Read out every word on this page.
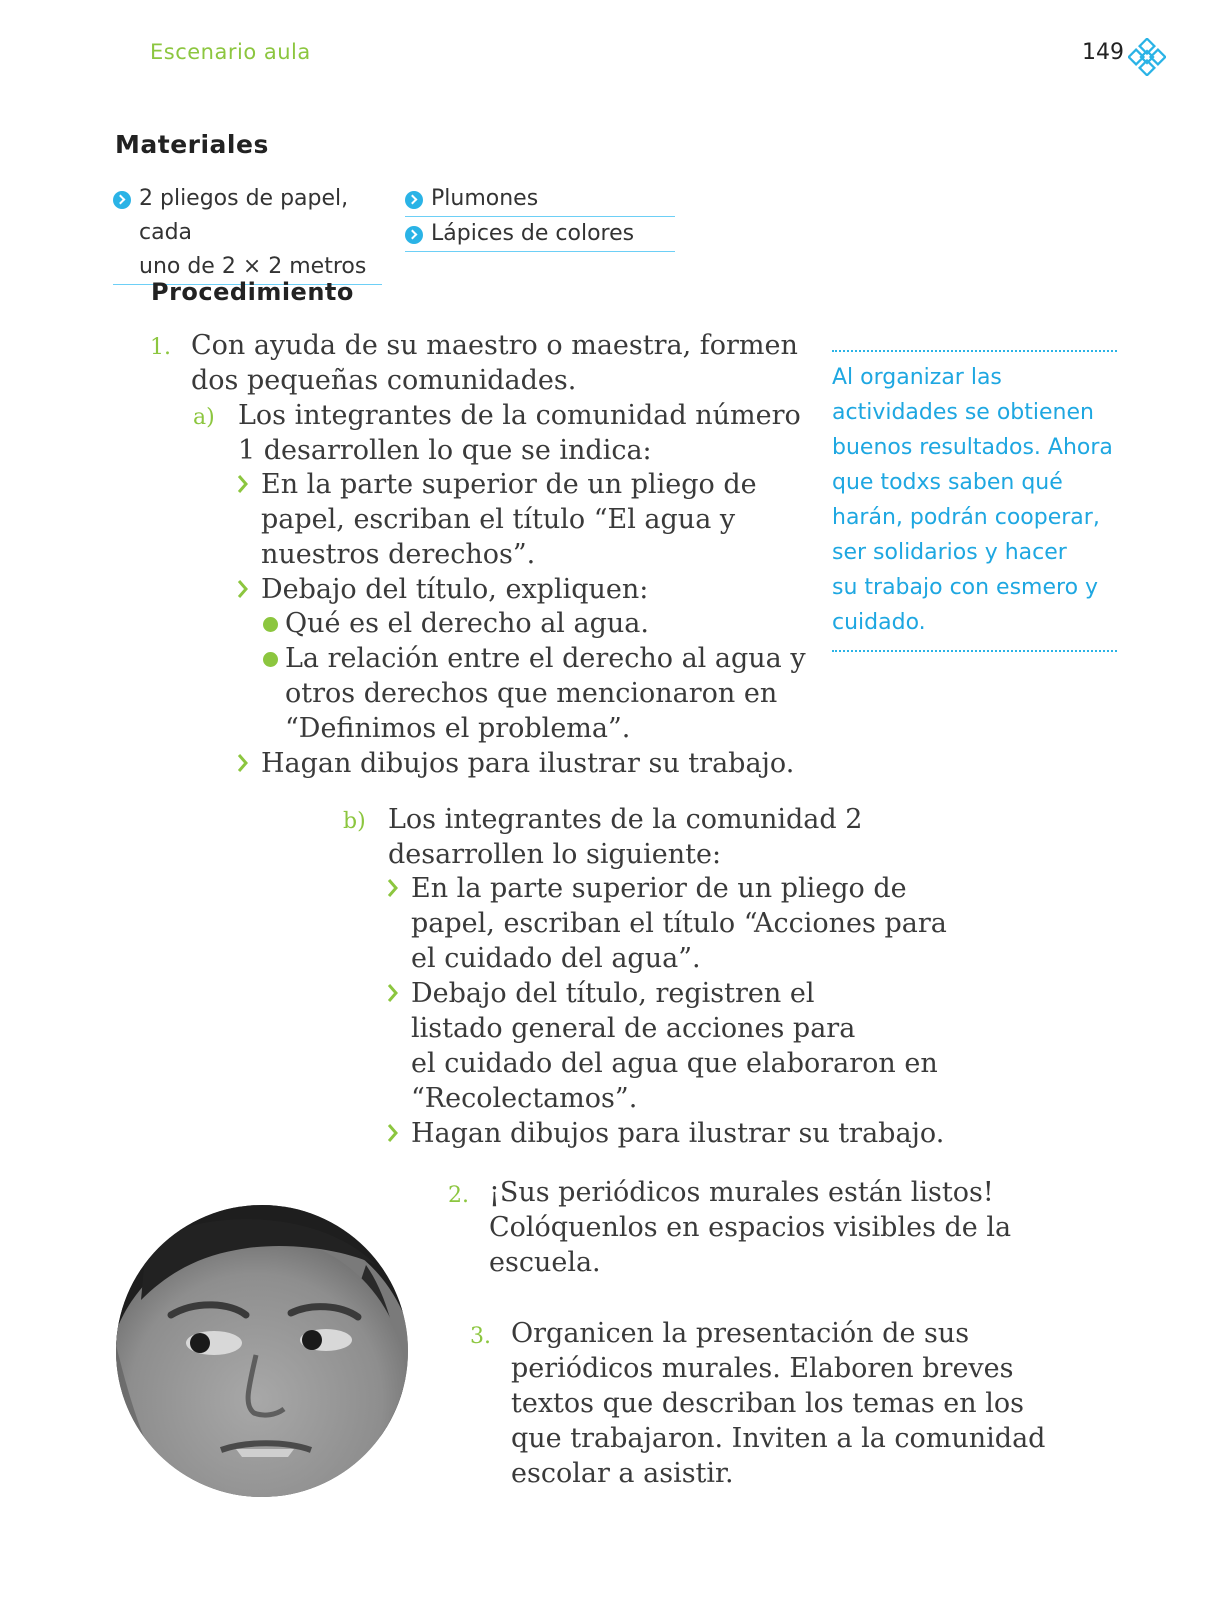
Escenario aula	149
Materiales
2 pliegos de papel, cada
uno de 2 × 2 metros
Plumones
Lápices de colores
Procedimiento
1. Con ayuda de su maestro o maestra, formen
dos pequeñas comunidades.
a) Los integrantes de la comunidad número
1 desarrollen lo que se indica:
En la parte superior de un pliego de
papel, escriban el título “El agua y
nuestros derechos”.
Debajo del título, expliquen:
Qué es el derecho al agua.
La relación entre el derecho al agua y
otros derechos que mencionaron en
“Definimos el problema”.
Hagan dibujos para ilustrar su trabajo.
b) Los integrantes de la comunidad 2
desarrollen lo siguiente:
En la parte superior de un pliego de
papel, escriban el título “Acciones para
el cuidado del agua”.
Debajo del título, registren el
listado general de acciones para
el cuidado del agua que elaboraron en
“Recolectamos”.
Hagan dibujos para ilustrar su trabajo.
2. ¡Sus periódicos murales están listos!
Colóquenlos en espacios visibles de la
escuela.
3. Organicen la presentación de sus
periódicos murales. Elaboren breves
textos que describan los temas en los
que trabajaron. Inviten a la comunidad
escolar a asistir.
Al organizar las
actividades se obtienen
buenos resultados. Ahora
que todxs saben qué
harán, podrán cooperar,
ser solidarios y hacer
su trabajo con esmero y
cuidado.
